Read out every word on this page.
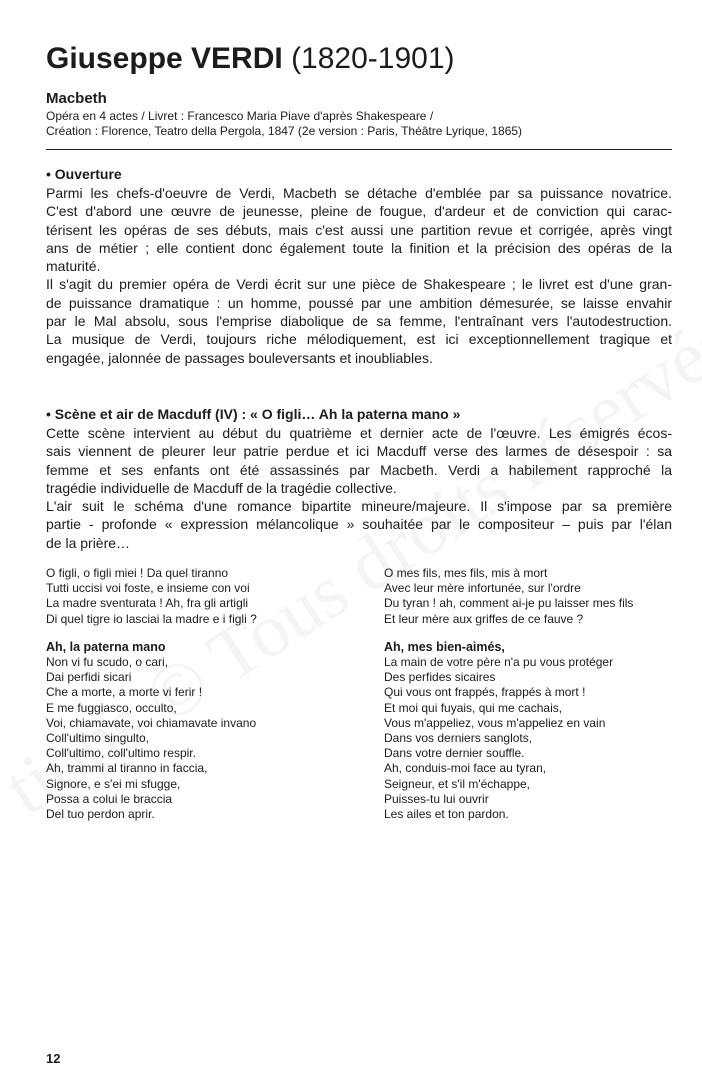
Giuseppe VERDI (1820-1901)
Macbeth
Opéra en 4 actes / Livret : Francesco Maria Piave d'après Shakespeare /
Création : Florence, Teatro della Pergola, 1847 (2e version : Paris, Théâtre Lyrique, 1865)
• Ouverture

Parmi les chefs-d'oeuvre de Verdi, Macbeth se détache d'emblée par sa puissance novatrice.
C'est d'abord une œuvre de jeunesse, pleine de fougue, d'ardeur et de conviction qui carac-
térisent les opéras de ses débuts, mais c'est aussi une partition revue et corrigée, après vingt
ans de métier ; elle contient donc également toute la finition et la précision des opéras de la
maturité.

Il s'agit du premier opéra de Verdi écrit sur une pièce de Shakespeare ; le livret est d'une gran-
de puissance dramatique : un homme, poussé par une ambition démesurée, se laisse envahir
par le Mal absolu, sous l'emprise diabolique de sa femme, l'entraînant vers l'autodestruction.
La musique de Verdi, toujours riche mélodiquement, est ici exceptionnellement tragique et
engagée, jalonnée de passages bouleversants et inoubliables.

• Scène et air de Macduff (IV) : « O figli… Ah la paterna mano »

Cette scène intervient au début du quatrième et dernier acte de l'œuvre. Les émigrés écos-
sais viennent de pleurer leur patrie perdue et ici Macduff verse des larmes de désespoir : sa
femme et ses enfants ont été assassinés par Macbeth. Verdi a habilement rapproché la
tragédie individuelle de Macduff de la tragédie collective.

L'air suit le schéma d'une romance bipartite mineure/majeure. Il s'impose par sa première
partie - profonde « expression mélancolique » souhaitée par le compositeur – puis par l'élan
de la prière…

O figli, o figli miei ! Da quel tiranno
Tutti uccisi voi foste, e insieme con voi
La madre sventurata ! Ah, fra gli artigli
Di quel tigre io lasciai la madre e i figli ?
Ah, la paterna mano
Non vi fu scudo, o cari,
Dai perfidi sicari
Che a morte, a morte vi ferir !
E me fuggiasco, occulto,
Voi, chiamavate, voi chiamavate invano
Coll'ultimo singulto,
Coll'ultimo, coll'ultimo respir.
Ah, trammi al tiranno in faccia,
Signore, e s'ei mi sfugge,
Possa a colui le braccia
Del tuo perdon aprir.
O mes fils, mes fils, mis à mort
Avec leur mère infortunée, sur l'ordre
Du tyran ! ah, comment ai-je pu laisser mes fils
Et leur mère aux griffes de ce fauve ?
Ah, mes bien-aimés,
La main de votre père n'a pu vous protéger
Des perfides sicaires
Qui vous ont frappés, frappés à mort !
Et moi qui fuyais, qui me cachais,
Vous m'appeliez, vous m'appeliez en vain
Dans vos derniers sanglots,
Dans votre dernier souffle.
Ah, conduis-moi face au tyran,
Seigneur, et s'il m'échappe,
Puisses-tu lui ouvrir
Les ailes et ton pardon.
12
